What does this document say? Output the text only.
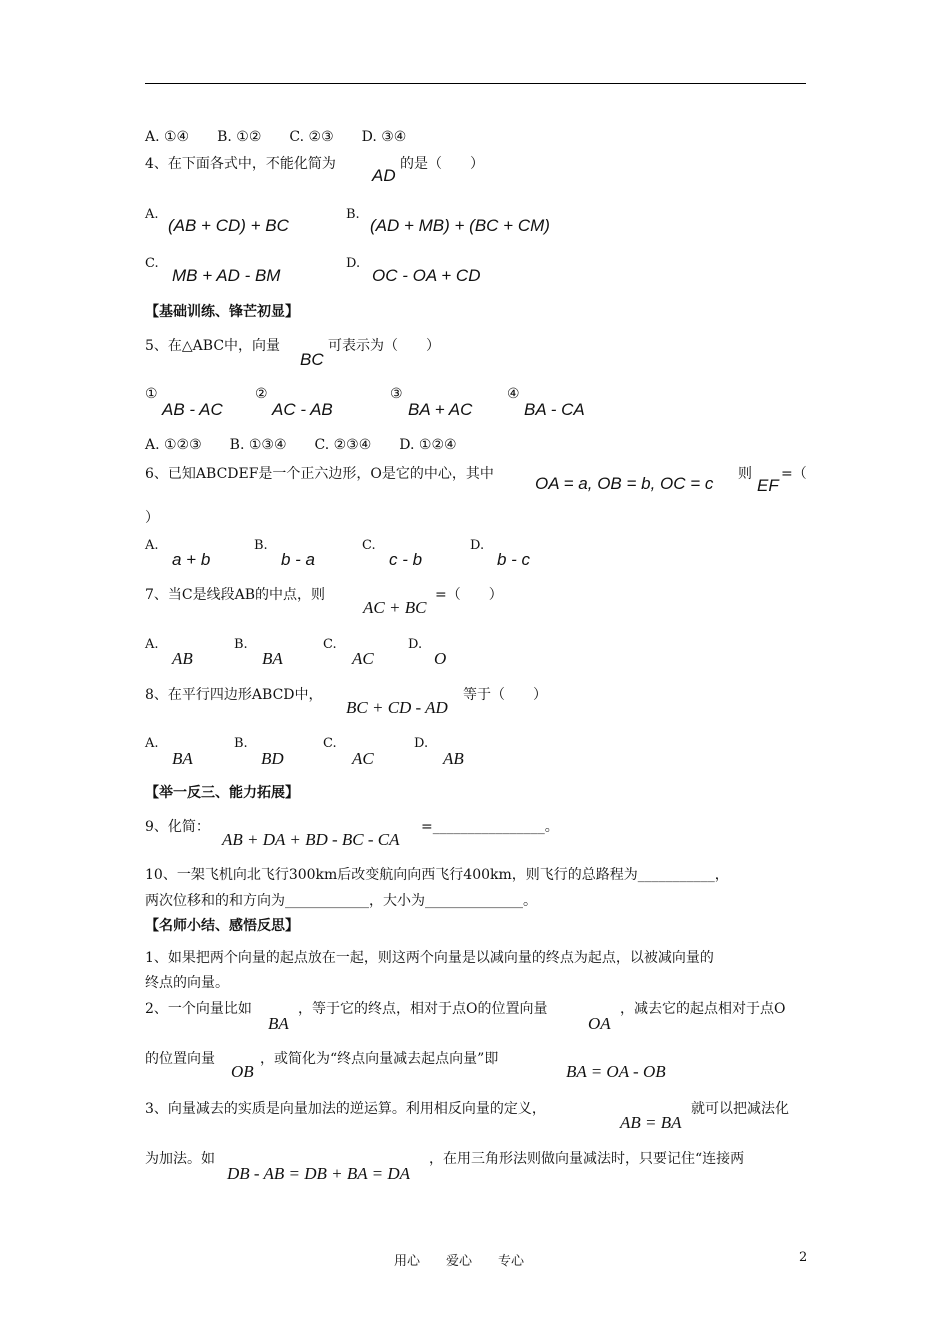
A. ①④　　B. ①②　　C. ②③　　D. ③④
4、在下面各式中，不能化简为
AD
的是（　　）
A.
(AB + CD) + BC
B.
(AD + MB) + (BC + CM)
C.
MB + AD - BM
D.
OC - OA + CD
【基础训练、锋芒初显】
5、在△ABC中，向量
BC
可表示为（　　）
①
AB - AC
②
AC - AB
③
BA + AC
④
BA - CA
A. ①②③　　B. ①③④　　C. ②③④　　D. ①②④
6、已知ABCDEF是一个正六边形，O是它的中心，其中 OA = a, OB = b, OC = c 则
EF
=（
）
A.
a + b
B.
b - a
C.
c - b
D.
b - c
7、当C是线段AB的中点，则
AC + BC
=（　　）
A.
AB
B.
BA
C.
AC
D.
O
8、在平行四边形ABCD中，
BC + CD - AD
等于（　　）
A.
BA
B.
BD
C.
AC
D.
AB
【举一反三、能力拓展】
9、化简：
AB + DA + BD - BC - CA
=________________。
10、一架飞机向北飞行300km后改变航向向西飞行400km，则飞行的总路程为___________，
两次位移和的和方向为____________，大小为______________。
【名师小结、感悟反思】
1、如果把两个向量的起点放在一起，则这两个向量是以减向量的终点为起点，以被减向量的
终点的向量。
2、一个向量比如
BA
，等于它的终点，相对于点O的位置向量
OA
，减去它的起点相对于点O
的位置向量
OB
，或简化为“终点向量减去起点向量”即
BA = OA - OB
3、向量减去的实质是向量加法的逆运算。利用相反向量的定义，
AB = BA
就可以把减法化
为加法。如
DB - AB = DB + BA = DA
，在用三角形法则做向量减法时，只要记住“连接两
用心　　爱心　　专心	2
